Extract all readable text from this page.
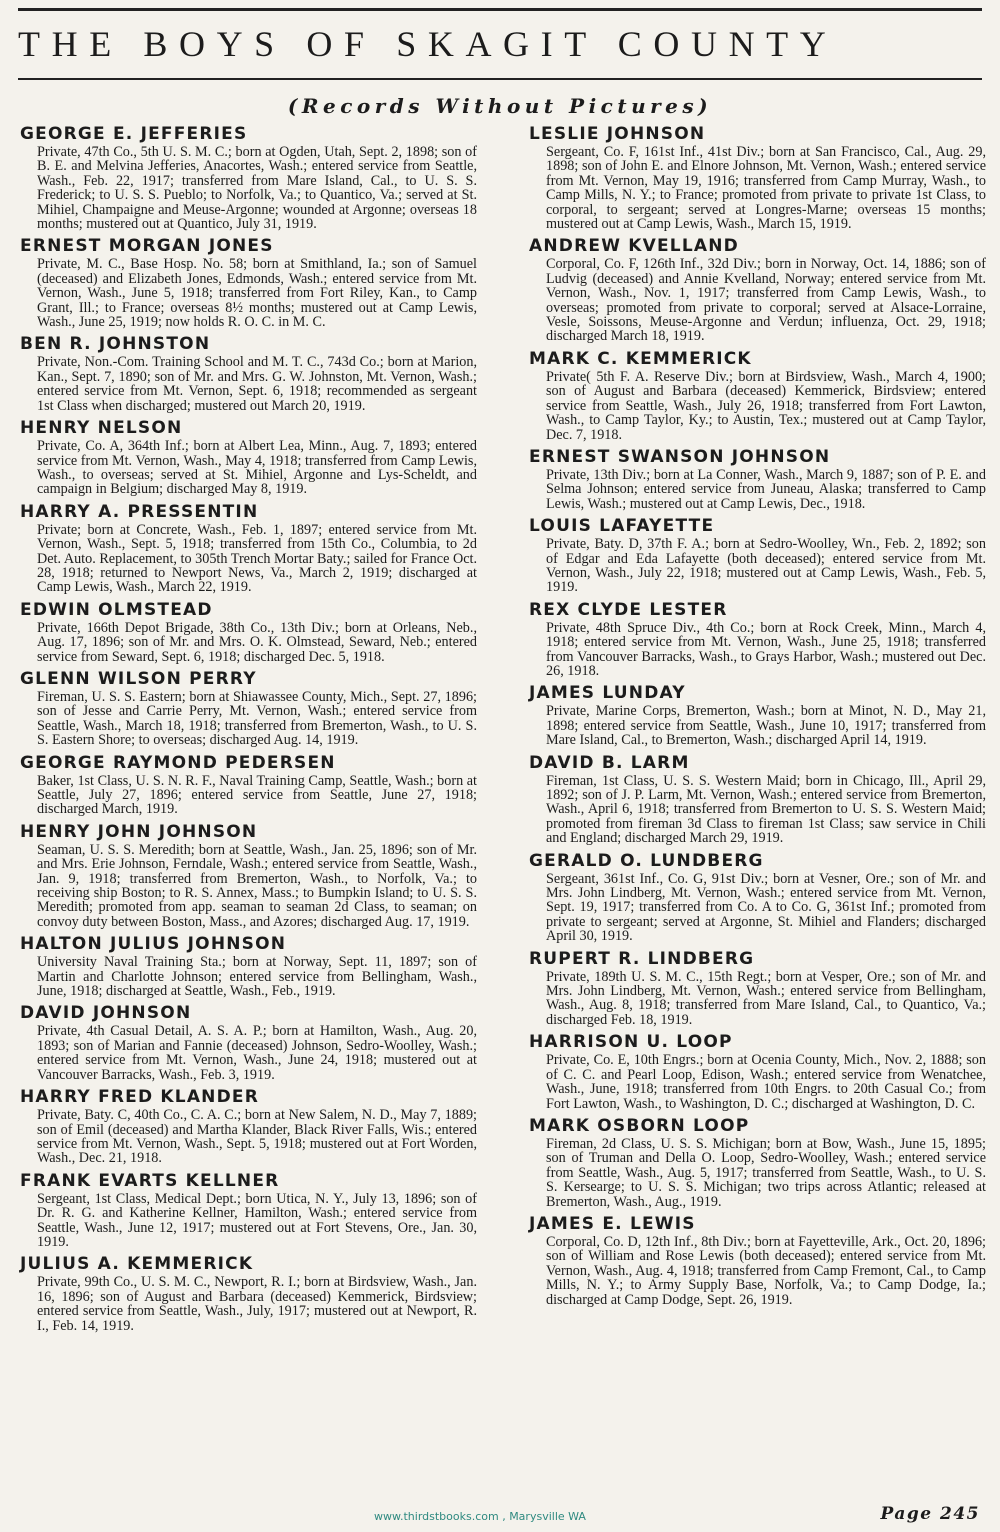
THE BOYS OF SKAGIT COUNTY
(Records Without Pictures)
GEORGE E. JEFFERIES
Private, 47th Co., 5th U. S. M. C.; born at Ogden, Utah, Sept. 2, 1898; son of B. E. and Melvina Jefferies, Anacortes, Wash.; entered service from Seattle, Wash., Feb. 22, 1917; transferred from Mare Island, Cal., to U. S. S. Frederick; to U. S. S. Pueblo; to Norfolk, Va.; to Quantico, Va.; served at St. Mihiel, Champaigne and Meuse-Argonne; wounded at Argonne; overseas 18 months; mustered out at Quantico, July 31, 1919.
ERNEST MORGAN JONES
Private, M. C., Base Hosp. No. 58; born at Smithland, Ia.; son of Samuel (deceased) and Elizabeth Jones, Edmonds, Wash.; entered service from Mt. Vernon, Wash., June 5, 1918; transferred from Fort Riley, Kan., to Camp Grant, Ill.; to France; overseas 8½ months; mustered out at Camp Lewis, Wash., June 25, 1919; now holds R. O. C. in M. C.
BEN R. JOHNSTON
Private, Non.-Com. Training School and M. T. C., 743d Co.; born at Marion, Kan., Sept. 7, 1890; son of Mr. and Mrs. G. W. Johnston, Mt. Vernon, Wash.; entered service from Mt. Vernon, Sept. 6, 1918; recommended as sergeant 1st Class when discharged; mustered out March 20, 1919.
HENRY NELSON
Private, Co. A, 364th Inf.; born at Albert Lea, Minn., Aug. 7, 1893; entered service from Mt. Vernon, Wash., May 4, 1918; transferred from Camp Lewis, Wash., to overseas; served at St. Mihiel, Argonne and Lys-Scheldt, and campaign in Belgium; discharged May 8, 1919.
HARRY A. PRESSENTIN
Private; born at Concrete, Wash., Feb. 1, 1897; entered service from Mt. Vernon, Wash., Sept. 5, 1918; transferred from 15th Co., Columbia, to 2d Det. Auto. Replacement, to 305th Trench Mortar Baty.; sailed for France Oct. 28, 1918; returned to Newport News, Va., March 2, 1919; discharged at Camp Lewis, Wash., March 22, 1919.
EDWIN OLMSTEAD
Private, 166th Depot Brigade, 38th Co., 13th Div.; born at Orleans, Neb., Aug. 17, 1896; son of Mr. and Mrs. O. K. Olmstead, Seward, Neb.; entered service from Seward, Sept. 6, 1918; discharged Dec. 5, 1918.
GLENN WILSON PERRY
Fireman, U. S. S. Eastern; born at Shiawassee County, Mich., Sept. 27, 1896; son of Jesse and Carrie Perry, Mt. Vernon, Wash.; entered service from Seattle, Wash., March 18, 1918; transferred from Bremerton, Wash., to U. S. S. Eastern Shore; to overseas; discharged Aug. 14, 1919.
GEORGE RAYMOND PEDERSEN
Baker, 1st Class, U. S. N. R. F., Naval Training Camp, Seattle, Wash.; born at Seattle, July 27, 1896; entered service from Seattle, June 27, 1918; discharged March, 1919.
HENRY JOHN JOHNSON
Seaman, U. S. S. Meredith; born at Seattle, Wash., Jan. 25, 1896; son of Mr. and Mrs. Erie Johnson, Ferndale, Wash.; entered service from Seattle, Wash., Jan. 9, 1918; transferred from Bremerton, Wash., to Norfolk, Va.; to receiving ship Boston; to R. S. Annex, Mass.; to Bumpkin Island; to U. S. S. Meredith; promoted from app. seaman to seaman 2d Class, to seaman; on convoy duty between Boston, Mass., and Azores; discharged Aug. 17, 1919.
HALTON JULIUS JOHNSON
University Naval Training Sta.; born at Norway, Sept. 11, 1897; son of Martin and Charlotte Johnson; entered service from Bellingham, Wash., June, 1918; discharged at Seattle, Wash., Feb., 1919.
DAVID JOHNSON
Private, 4th Casual Detail, A. S. A. P.; born at Hamilton, Wash., Aug. 20, 1893; son of Marian and Fannie (deceased) Johnson, Sedro-Woolley, Wash.; entered service from Mt. Vernon, Wash., June 24, 1918; mustered out at Vancouver Barracks, Wash., Feb. 3, 1919.
HARRY FRED KLANDER
Private, Baty. C, 40th Co., C. A. C.; born at New Salem, N. D., May 7, 1889; son of Emil (deceased) and Martha Klander, Black River Falls, Wis.; entered service from Mt. Vernon, Wash., Sept. 5, 1918; mustered out at Fort Worden, Wash., Dec. 21, 1918.
FRANK EVARTS KELLNER
Sergeant, 1st Class, Medical Dept.; born Utica, N. Y., July 13, 1896; son of Dr. R. G. and Katherine Kellner, Hamilton, Wash.; entered service from Seattle, Wash., June 12, 1917; mustered out at Fort Stevens, Ore., Jan. 30, 1919.
JULIUS A. KEMMERICK
Private, 99th Co., U. S. M. C., Newport, R. I.; born at Birdsview, Wash., Jan. 16, 1896; son of August and Barbara (deceased) Kemmerick, Birdsview; entered service from Seattle, Wash., July, 1917; mustered out at Newport, R. I., Feb. 14, 1919.
LESLIE JOHNSON
Sergeant, Co. F, 161st Inf., 41st Div.; born at San Francisco, Cal., Aug. 29, 1898; son of John E. and Elnore Johnson, Mt. Vernon, Wash.; entered service from Mt. Vernon, May 19, 1916; transferred from Camp Murray, Wash., to Camp Mills, N. Y.; to France; promoted from private to private 1st Class, to corporal, to sergeant; served at Longres-Marne; overseas 15 months; mustered out at Camp Lewis, Wash., March 15, 1919.
ANDREW KVELLAND
Corporal, Co. F, 126th Inf., 32d Div.; born in Norway, Oct. 14, 1886; son of Ludvig (deceased) and Annie Kvelland, Norway; entered service from Mt. Vernon, Wash., Nov. 1, 1917; transferred from Camp Lewis, Wash., to overseas; promoted from private to corporal; served at Alsace-Lorraine, Vesle, Soissons, Meuse-Argonne and Verdun; influenza, Oct. 29, 1918; discharged March 18, 1919.
MARK C. KEMMERICK
Private( 5th F. A. Reserve Div.; born at Birdsview, Wash., March 4, 1900; son of August and Barbara (deceased) Kemmerick, Birdsview; entered service from Seattle, Wash., July 26, 1918; transferred from Fort Lawton, Wash., to Camp Taylor, Ky.; to Austin, Tex.; mustered out at Camp Taylor, Dec. 7, 1918.
ERNEST SWANSON JOHNSON
Private, 13th Div.; born at La Conner, Wash., March 9, 1887; son of P. E. and Selma Johnson; entered service from Juneau, Alaska; transferred to Camp Lewis, Wash.; mustered out at Camp Lewis, Dec., 1918.
LOUIS LAFAYETTE
Private, Baty. D, 37th F. A.; born at Sedro-Woolley, Wn., Feb. 2, 1892; son of Edgar and Eda Lafayette (both deceased); entered service from Mt. Vernon, Wash., July 22, 1918; mustered out at Camp Lewis, Wash., Feb. 5, 1919.
REX CLYDE LESTER
Private, 48th Spruce Div., 4th Co.; born at Rock Creek, Minn., March 4, 1918; entered service from Mt. Vernon, Wash., June 25, 1918; transferred from Vancouver Barracks, Wash., to Grays Harbor, Wash.; mustered out Dec. 26, 1918.
JAMES LUNDAY
Private, Marine Corps, Bremerton, Wash.; born at Minot, N. D., May 21, 1898; entered service from Seattle, Wash., June 10, 1917; transferred from Mare Island, Cal., to Bremerton, Wash.; discharged April 14, 1919.
DAVID B. LARM
Fireman, 1st Class, U. S. S. Western Maid; born in Chicago, Ill., April 29, 1892; son of J. P. Larm, Mt. Vernon, Wash.; entered service from Bremerton, Wash., April 6, 1918; transferred from Bremerton to U. S. S. Western Maid; promoted from fireman 3d Class to fireman 1st Class; saw service in Chili and England; discharged March 29, 1919.
GERALD O. LUNDBERG
Sergeant, 361st Inf., Co. G, 91st Div.; born at Vesner, Ore.; son of Mr. and Mrs. John Lindberg, Mt. Vernon, Wash.; entered service from Mt. Vernon, Sept. 19, 1917; transferred from Co. A to Co. G, 361st Inf.; promoted from private to sergeant; served at Argonne, St. Mihiel and Flanders; discharged April 30, 1919.
RUPERT R. LINDBERG
Private, 189th U. S. M. C., 15th Regt.; born at Vesper, Ore.; son of Mr. and Mrs. John Lindberg, Mt. Vernon, Wash.; entered service from Bellingham, Wash., Aug. 8, 1918; transferred from Mare Island, Cal., to Quantico, Va.; discharged Feb. 18, 1919.
HARRISON U. LOOP
Private, Co. E, 10th Engrs.; born at Ocenia County, Mich., Nov. 2, 1888; son of C. C. and Pearl Loop, Edison, Wash.; entered service from Wenatchee, Wash., June, 1918; transferred from 10th Engrs. to 20th Casual Co.; from Fort Lawton, Wash., to Washington, D. C.; discharged at Washington, D. C.
MARK OSBORN LOOP
Fireman, 2d Class, U. S. S. Michigan; born at Bow, Wash., June 15, 1895; son of Truman and Della O. Loop, Sedro-Woolley, Wash.; entered service from Seattle, Wash., Aug. 5, 1917; transferred from Seattle, Wash., to U. S. S. Kersearge; to U. S. S. Michigan; two trips across Atlantic; released at Bremerton, Wash., Aug., 1919.
JAMES E. LEWIS
Corporal, Co. D, 12th Inf., 8th Div.; born at Fayetteville, Ark., Oct. 20, 1896; son of William and Rose Lewis (both deceased); entered service from Mt. Vernon, Wash., Aug. 4, 1918; transferred from Camp Fremont, Cal., to Camp Mills, N. Y.; to Army Supply Base, Norfolk, Va.; to Camp Dodge, Ia.; discharged at Camp Dodge, Sept. 26, 1919.
www.thirdstbooks.com , Marysville WA	Page 245
